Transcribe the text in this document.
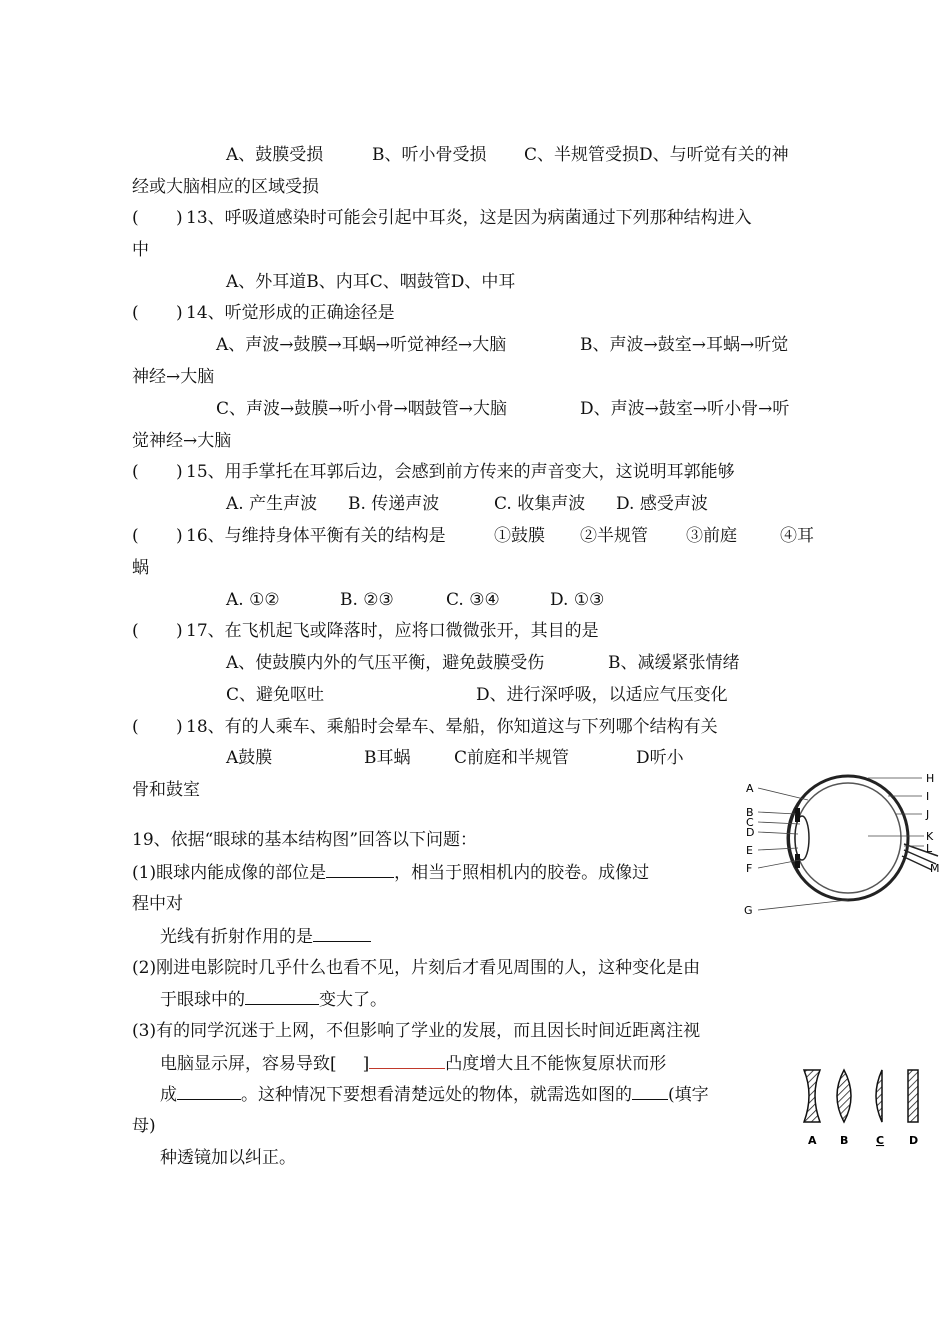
A、鼓膜受损	B、听小骨受损 C、半规管受损D、与听觉有关的神
经或大脑相应的区域受损
( ) 13、呼吸道感染时可能会引起中耳炎，这是因为病菌通过下列那种结构进入
中
A、外耳道B、内耳C、咽鼓管D、中耳
( ) 14、听觉形成的正确途径是
A、声波→鼓膜→耳蜗→听觉神经→大脑	B、声波→鼓室→耳蜗→听觉
神经→大脑
C、声波→鼓膜→听小骨→咽鼓管→大脑	D、声波→鼓室→听小骨→听
觉神经→大脑
( ) 15、用手掌托在耳郭后边，会感到前方传来的声音变大，这说明耳郭能够
A. 产生声波 B. 传递声波	C. 收集声波 D. 感受声波
( ) 16、与维持身体平衡有关的结构是	①鼓膜 ②半规管 ③前庭	④耳
蜗
A. ①②	B. ②③	C. ③④	D. ①③
( ) 17、在飞机起飞或降落时，应将口微微张开，其目的是
A、使鼓膜内外的气压平衡，避免鼓膜受伤	B、减缓紧张情绪
C、避免呕吐	D、进行深呼吸，以适应气压变化
( ) 18、有的人乘车、乘船时会晕车、晕船，你知道这与下列哪个结构有关
A鼓膜	B耳蜗	C前庭和半规管	D听小
骨和鼓室
19、依据“眼球的基本结构图”回答以下问题：
(1)眼球内能成像的部位是	，相当于照相机内的胶卷。成像过
程中对
光线有折射作用的是
(2)刚进电影院时几乎什么也看不见，片刻后才看见周围的人，这种变化是由
于眼球中的	变大了。
(3)有的同学沉迷于上网，不但影响了学业的发展，而且因长时间近距离注视
电脑显示屏，容易导致[ ]	凸度增大且不能恢复原状而形
成	。这种情况下要想看清楚远处的物体，就需选如图的 (填字
母)
种透镜加以纠正。
A
B
C
D
E
F
G
H
I
J
K
L
M
A B	C D
